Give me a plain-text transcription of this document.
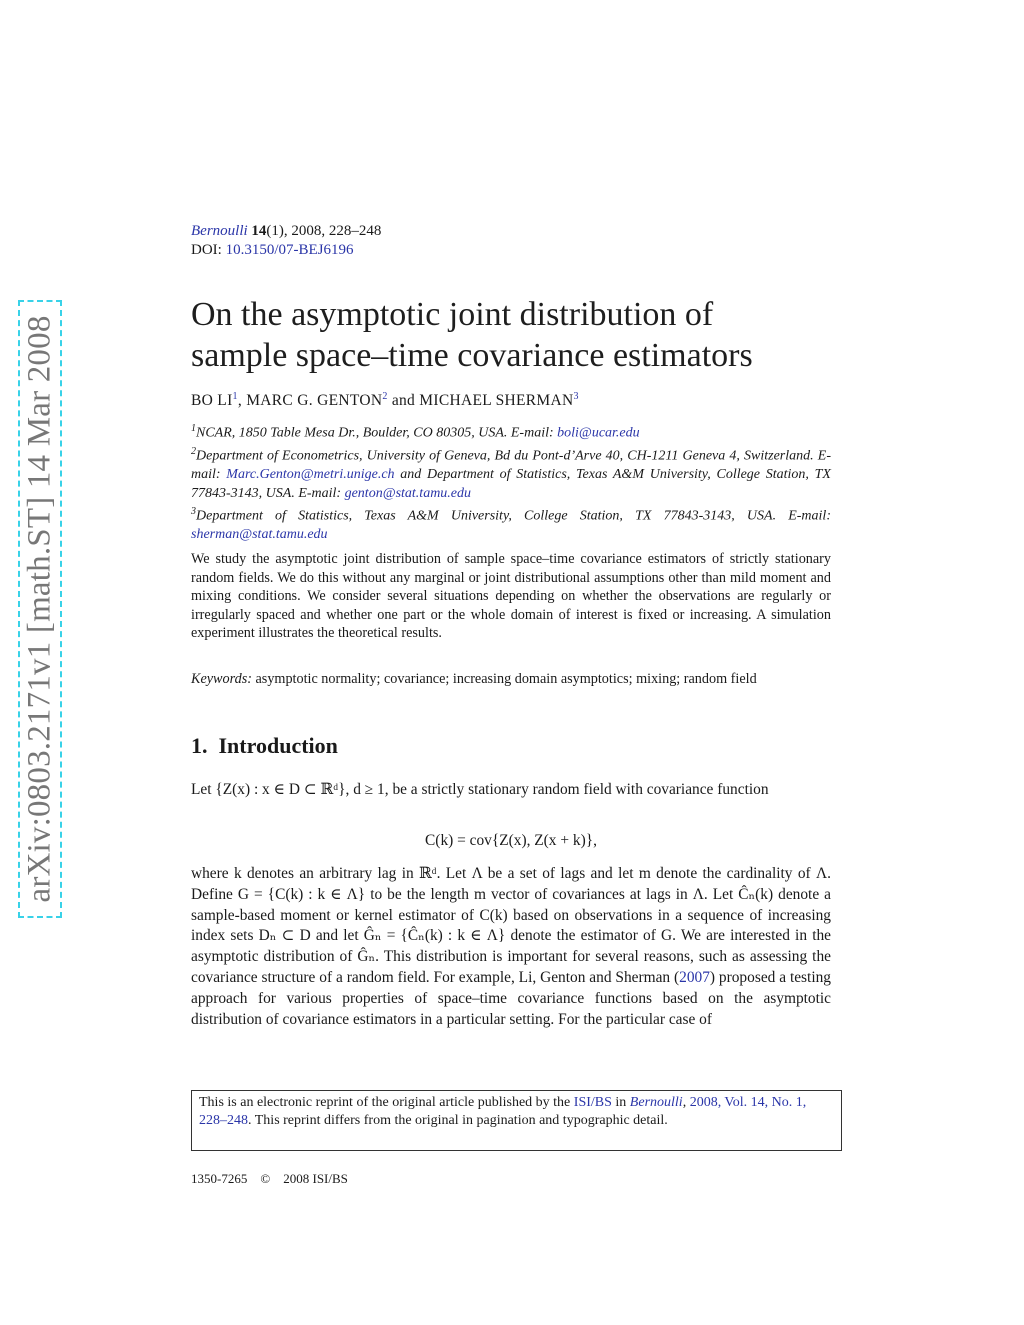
arXiv:0803.2171v1 [math.ST] 14 Mar 2008
Bernoulli 14(1), 2008, 228–248
DOI: 10.3150/07-BEJ6196
On the asymptotic joint distribution of
sample space–time covariance estimators
BO $LI^1$, MARC G. GENTON$^2$ and MICHAEL SHERMAN$^3$

$^1$NCAR, 1850 Table Mesa Dr., Boulder, CO 80305, USA. E-mail: boli@ucar.edu

$^2$Department of Econometrics, University of Geneva, Bd du Pont-d’Arve 40, CH-1211 Geneva 4, Switzerland. E-mail: Marc.Genton@metri.unige.ch and Department of Statistics, Texas A&M University, College Station, TX 77843-3143, USA. E-mail: genton@stat.tamu.edu

$^3$Department of Statistics, Texas A&M University, College Station, TX 77843-3143, USA. E-mail: sherman@stat.tamu.edu

We study the asymptotic joint distribution of sample space–time covariance estimators of strictly stationary random fields. We do this without any marginal or joint distributional assumptions other than mild moment and mixing conditions. We consider several situations depending on whether the observations are regularly or irregularly spaced and whether one part or the whole domain of interest is fixed or increasing. A simulation experiment illustrates the theoretical results.

Keywords: asymptotic normality; covariance; increasing domain asymptotics; mixing; random field

1. Introduction

Let {Z(x) : x ∈ D ⊂ ℝᵈ}, d ≥ 1, be a strictly stationary random field with covariance function

C(k) = cov{Z(x), Z(x + k)},

where k denotes an arbitrary lag in ℝᵈ. Let Λ be a set of lags and let m denote the cardinality of Λ. Define G = {C(k) : k ∈ Λ} to be the length m vector of covariances at lags in Λ. Let Ĉₙ(k) denote a sample-based moment or kernel estimator of C(k) based on observations in a sequence of increasing index sets Dₙ ⊂ D and let Ĝₙ = {Ĉₙ(k) : k ∈ Λ} denote the estimator of G. We are interested in the asymptotic distribution of Ĝₙ. This distribution is important for several reasons, such as assessing the covariance structure of a random field. For example, Li, Genton and Sherman (2007) proposed a testing approach for various properties of space–time covariance functions based on the asymptotic distribution of covariance estimators in a particular setting. For the particular case of

This is an electronic reprint of the original article published by the ISI/BS in Bernoulli, 2008, Vol. 14, No. 1, 228–248. This reprint differs from the original in pagination and typographic detail.
1350-7265 © 2008 ISI/BS
